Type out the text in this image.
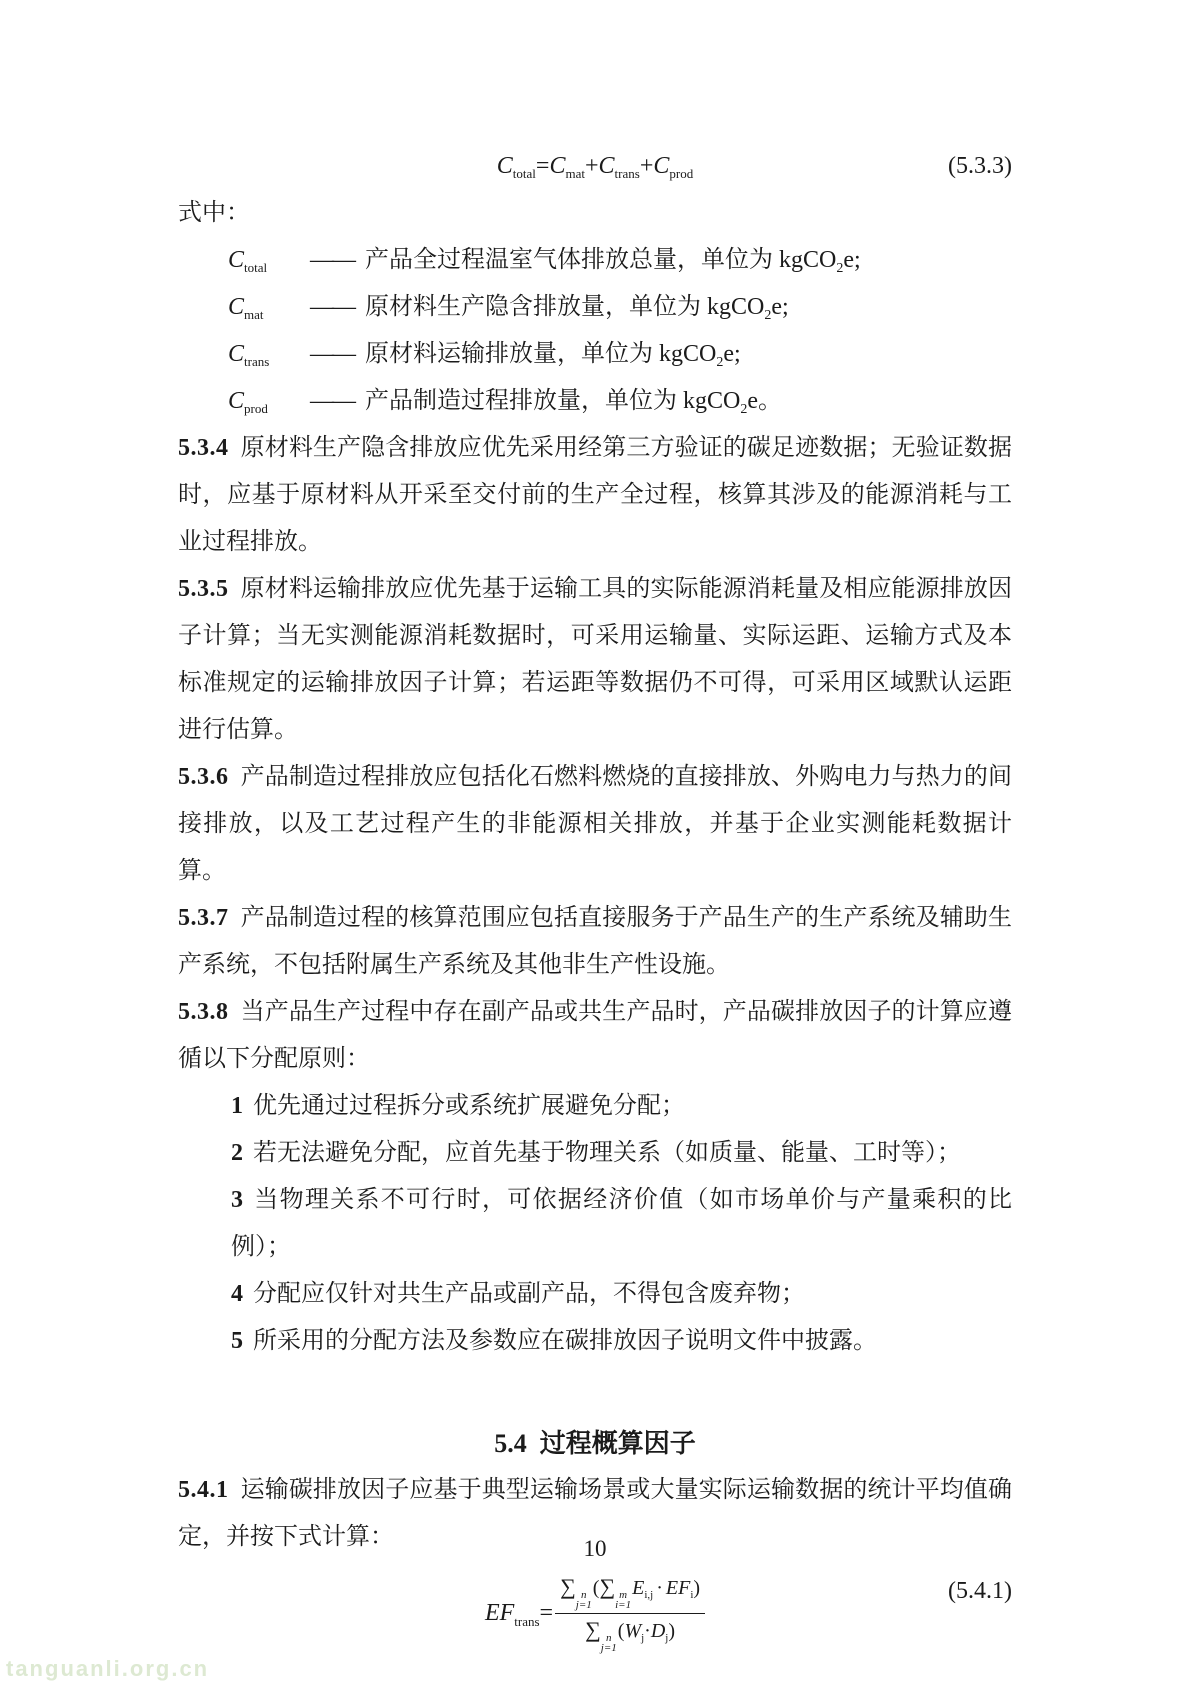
$C_{total}=C_{mat}+C_{trans}+C_{prod}$	(5.3.3)

式中：

$C_{total}$	—— 产品全过程温室气体排放总量，单位为 kgCO$_2$e;
$C_{mat}$	—— 原材料生产隐含排放量，单位为 kgCO$_2$e;
$C_{trans}$	—— 原材料运输排放量，单位为 kgCO$_2$e;
$C_{prod}$	—— 产品制造过程排放量，单位为 kgCO$_2$e。

5.3.4 原材料生产隐含排放应优先采用经第三方验证的碳足迹数据；无验证数据时，应基于原材料从开采至交付前的生产全过程，核算其涉及的能源消耗与工业过程排放。

5.3.5 原材料运输排放应优先基于运输工具的实际能源消耗量及相应能源排放因子计算；当无实测能源消耗数据时，可采用运输量、实际运距、运输方式及本标准规定的运输排放因子计算；若运距等数据仍不可得，可采用区域默认运距进行估算。

5.3.6 产品制造过程排放应包括化石燃料燃烧的直接排放、外购电力与热力的间接排放，以及工艺过程产生的非能源相关排放，并基于企业实测能耗数据计算。

5.3.7 产品制造过程的核算范围应包括直接服务于产品生产的生产系统及辅助生产系统，不包括附属生产系统及其他非生产性设施。

5.3.8 当产品生产过程中存在副产品或共生产品时，产品碳排放因子的计算应遵循以下分配原则：

1 优先通过过程拆分或系统扩展避免分配；

2 若无法避免分配，应首先基于物理关系（如质量、能量、工时等）；

3 当物理关系不可行时，可依据经济价值（如市场单价与产量乘积的比例）；

4 分配应仅针对共生产品或副产品，不得包含废弃物；

5 所采用的分配方法及参数应在碳排放因子说明文件中披露。

5.4 过程概算因子

5.4.1 运输碳排放因子应基于典型运输场景或大量实际运输数据的统计平均值确定，并按下式计算：

$EF_{trans}=$ ∑ n
j=1
(∑ m
i=1
$E_{i,j} \cdot EF_i$)
∑ n
j=1
$(W_j\cdot D_j)$	(5.4.1)
10
tanguanli.org.cn
